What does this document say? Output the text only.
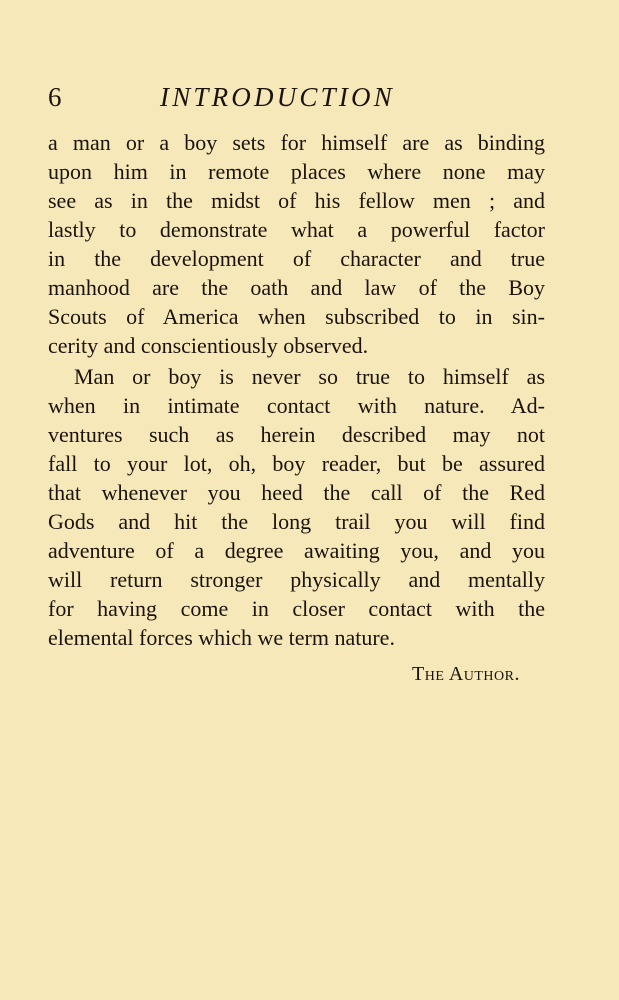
6	INTRODUCTION
a man or a boy sets for himself are as binding
upon him in remote places where none may
see as in the midst of his fellow men ; and
lastly to demonstrate what a powerful factor
in the development of character and true
manhood are the oath and law of the Boy
Scouts of America when subscribed to in sin-
cerity and conscientiously observed.
Man or boy is never so true to himself as
when in intimate contact with nature. Ad-
ventures such as herein described may not
fall to your lot, oh, boy reader, but be assured
that whenever you heed the call of the Red
Gods and hit the long trail you will find
adventure of a degree awaiting you, and you
will return stronger physically and mentally
for having come in closer contact with the
elemental forces which we term nature.
The Author.
